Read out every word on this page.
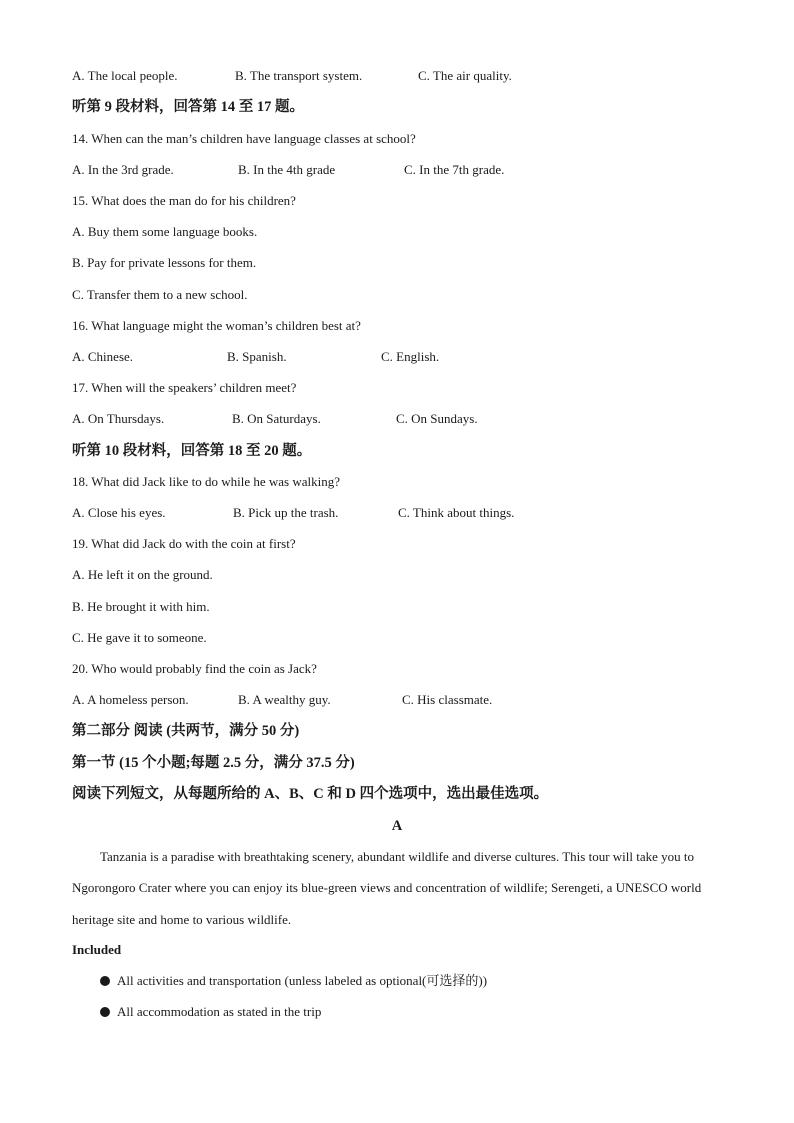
A. The local people.	B. The transport system.	C. The air quality.
听第 9 段材料，回答第 14 至 17 题。
14. When can the man’s children have language classes at school?
A. In the 3rd grade.	B. In the 4th grade	C. In the 7th grade.
15. What does the man do for his children?
A. Buy them some language books.
B. Pay for private lessons for them.
C. Transfer them to a new school.
16. What language might the woman’s children best at?
A. Chinese.	B. Spanish.	C. English.
17. When will the speakers’ children meet?
A. On Thursdays.	B. On Saturdays.	C. On Sundays.
听第 10 段材料，回答第 18 至 20 题。
18. What did Jack like to do while he was walking?
A. Close his eyes.	B. Pick up the trash.	C. Think about things.
19. What did Jack do with the coin at first?
A. He left it on the ground.
B. He brought it with him.
C. He gave it to someone.
20. Who would probably find the coin as Jack?
A. A homeless person.	B. A wealthy guy.	C. His classmate.
第二部分 阅读 (共两节，满分 50 分)
第一节 (15 个小题;每题 2.5 分，满分 37.5 分)
阅读下列短文，从每题所给的 A、B、C 和 D 四个选项中，选出最佳选项。
A
Tanzania is a paradise with breathtaking scenery, abundant wildlife and diverse cultures. This tour will take you to Ngorongoro Crater where you can enjoy its blue-green views and concentration of wildlife; Serengeti, a UNESCO world heritage site and home to various wildlife.
Included
All activities and transportation (unless labeled as optional(可选择的))
All accommodation as stated in the trip
